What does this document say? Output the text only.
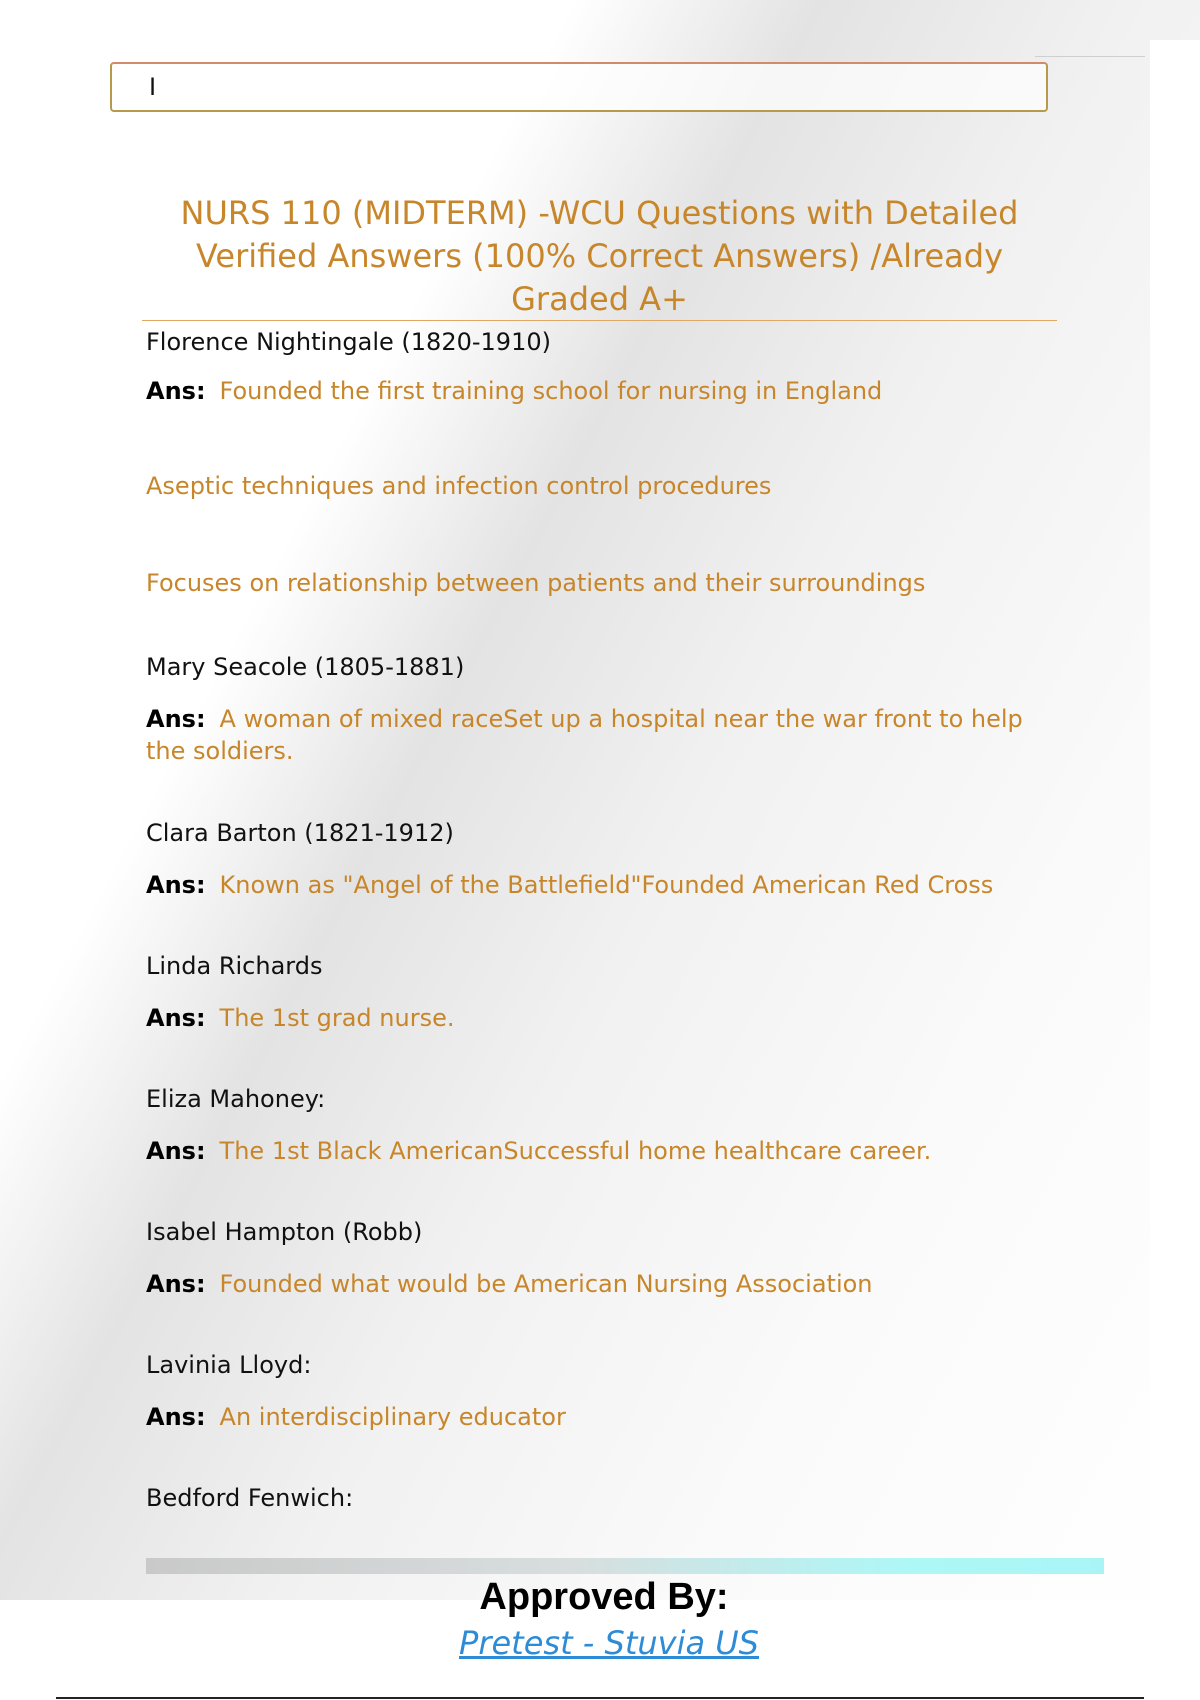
I
NURS 110 (MIDTERM) -WCU Questions with Detailed Verified Answers (100% Correct Answers) /Already Graded A+

Florence Nightingale (1820-1910)

Ans: Founded the first training school for nursing in England

Aseptic techniques and infection control procedures

Focuses on relationship between patients and their surroundings

Mary Seacole (1805-1881)

Ans: A woman of mixed raceSet up a hospital near the war front to help the soldiers.

Clara Barton (1821-1912)

Ans: Known as "Angel of the Battlefield"Founded American Red Cross

Linda Richards

Ans: The 1st grad nurse.

Eliza Mahoney:

Ans: The 1st Black AmericanSuccessful home healthcare career.

Isabel Hampton (Robb)

Ans: Founded what would be American Nursing Association

Lavinia Lloyd:

Ans: An interdisciplinary educator

Bedford Fenwich:

Approved By:
Pretest - Stuvia US
